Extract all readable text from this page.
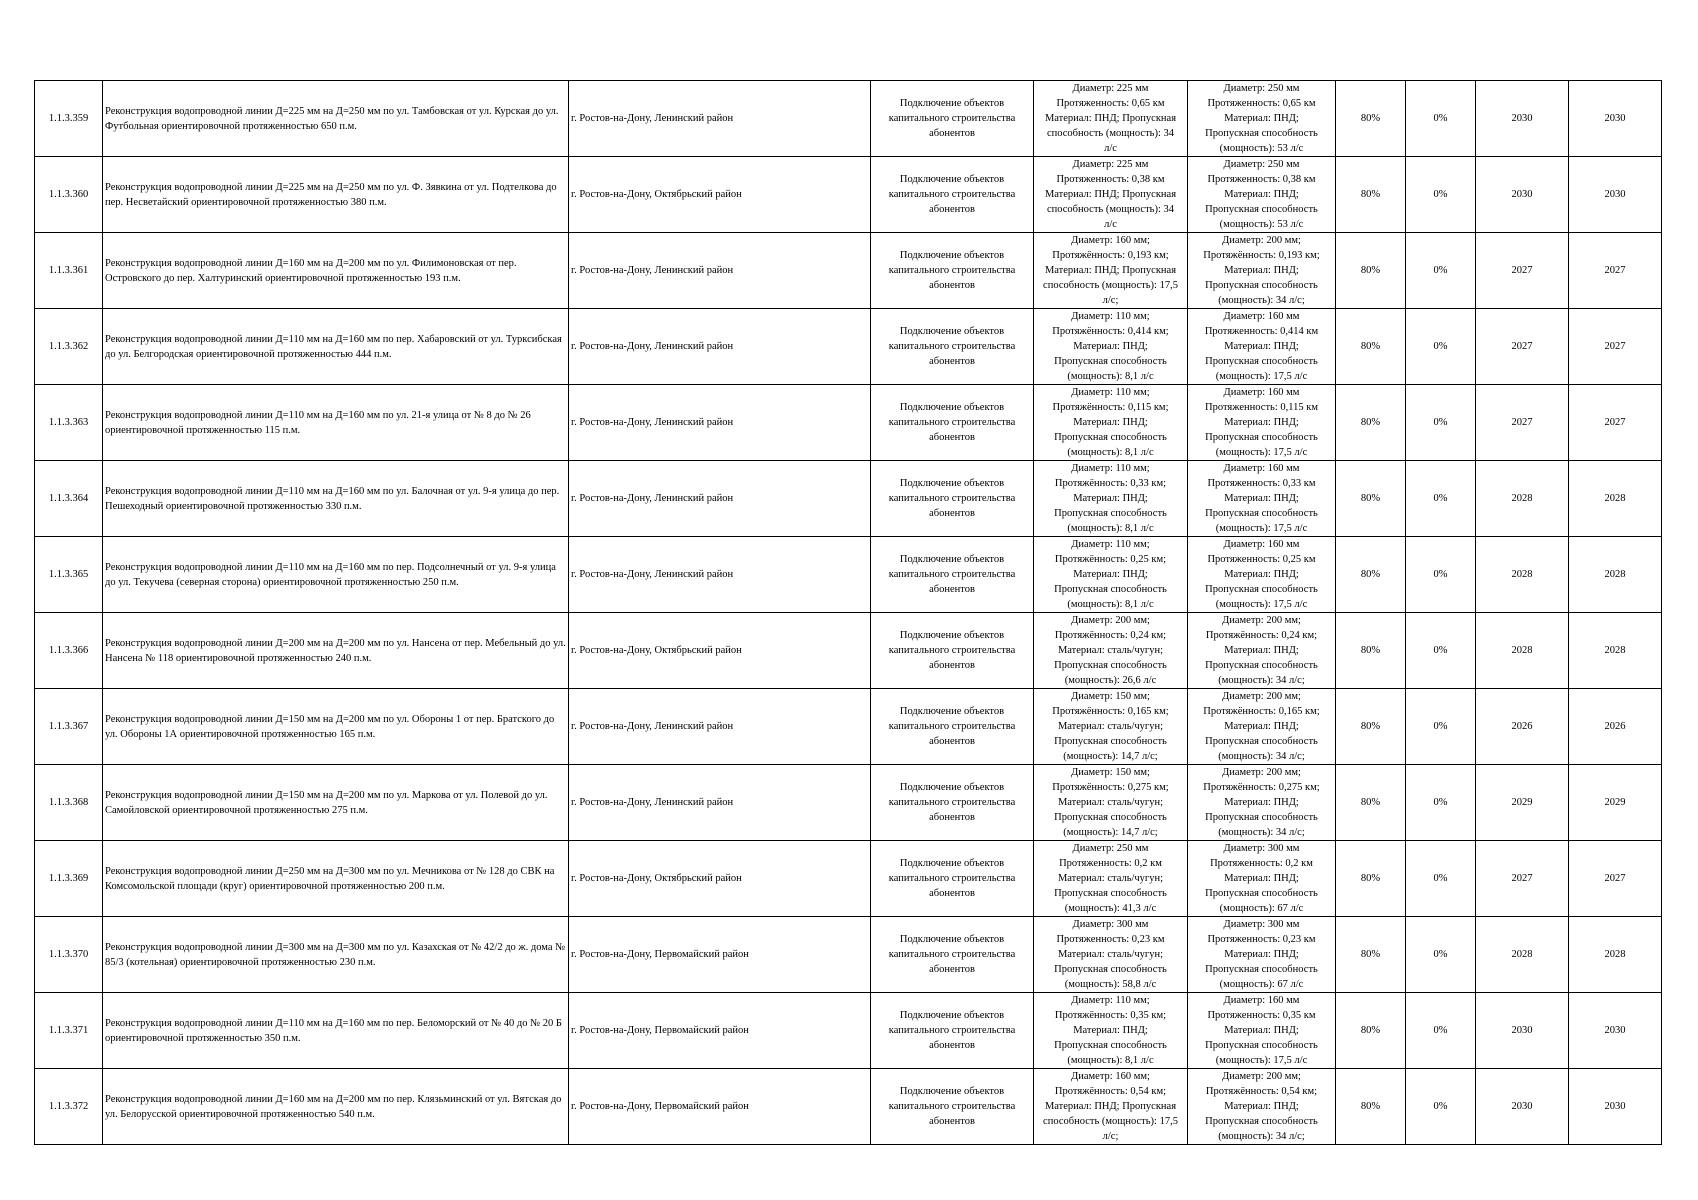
1.1.3.359	Реконструкция водопроводной линии Д=225 мм на Д=250 мм по ул. Тамбовская от ул. Курская до ул. Футбольная ориентировочной протяженностью 650 п.м.	г. Ростов-на-Дону, Ленинский район	Подключение объектов капитального строительства абонентов	Диаметр: 225 мм
Протяженность: 0,65 км
Материал: ПНД; Пропускная
способность (мощность): 34
л/с	Диаметр: 250 мм
Протяженность: 0,65 км
Материал: ПНД;
Пропускная способность
(мощность): 53 л/с	80%	0%	2030	2030
1.1.3.360	Реконструкция водопроводной линии Д=225 мм на Д=250 мм по ул. Ф. Зявкина от ул. Подтелкова до пер. Несветайский ориентировочной протяженностью 380 п.м.	г. Ростов-на-Дону, Октябрьский район	Подключение объектов капитального строительства абонентов	Диаметр: 225 мм
Протяженность: 0,38 км
Материал: ПНД; Пропускная
способность (мощность): 34
л/с	Диаметр: 250 мм
Протяженность: 0,38 км
Материал: ПНД;
Пропускная способность
(мощность): 53 л/с	80%	0%	2030	2030
1.1.3.361	Реконструкция водопроводной линии Д=160 мм на Д=200 мм по ул. Филимоновская от пер. Островского до пер. Халтуринский ориентировочной протяженностью 193 п.м.	г. Ростов-на-Дону, Ленинский район	Подключение объектов капитального строительства абонентов	Диаметр: 160 мм;
Протяжённость: 0,193 км;
Материал: ПНД; Пропускная
способность (мощность): 17,5
л/с;	Диаметр: 200 мм;
Протяжённость: 0,193 км;
Материал: ПНД;
Пропускная способность
(мощность): 34 л/с;	80%	0%	2027	2027
1.1.3.362	Реконструкция водопроводной линии Д=110 мм на Д=160 мм по пер. Хабаровский от ул. Турксибская до ул. Белгородская ориентировочной протяженностью 444 п.м.	г. Ростов-на-Дону, Ленинский район	Подключение объектов капитального строительства абонентов	Диаметр: 110 мм;
Протяжённость: 0,414 км;
Материал: ПНД;
Пропускная способность
(мощность): 8,1 л/с	Диаметр: 160 мм
Протяженность: 0,414 км
Материал: ПНД;
Пропускная способность
(мощность): 17,5 л/с	80%	0%	2027	2027
1.1.3.363	Реконструкция водопроводной линии Д=110 мм на Д=160 мм по ул. 21-я улица от № 8 до № 26 ориентировочной протяженностью 115 п.м.	г. Ростов-на-Дону, Ленинский район	Подключение объектов капитального строительства абонентов	Диаметр: 110 мм;
Протяжённость: 0,115 км;
Материал: ПНД;
Пропускная способность
(мощность): 8,1 л/с	Диаметр: 160 мм
Протяженность: 0,115 км
Материал: ПНД;
Пропускная способность
(мощность): 17,5 л/с	80%	0%	2027	2027
1.1.3.364	Реконструкция водопроводной линии Д=110 мм на Д=160 мм по ул. Балочная от ул. 9-я улица до пер. Пешеходный ориентировочной протяженностью 330 п.м.	г. Ростов-на-Дону, Ленинский район	Подключение объектов капитального строительства абонентов	Диаметр: 110 мм;
Протяжённость: 0,33 км;
Материал: ПНД;
Пропускная способность
(мощность): 8,1 л/с	Диаметр: 160 мм
Протяженность: 0,33 км
Материал: ПНД;
Пропускная способность
(мощность): 17,5 л/с	80%	0%	2028	2028
1.1.3.365	Реконструкция водопроводной линии Д=110 мм на Д=160 мм по пер. Подсолнечный от ул. 9-я улица до ул. Текучева (северная сторона) ориентировочной протяженностью 250 п.м.	г. Ростов-на-Дону, Ленинский район	Подключение объектов капитального строительства абонентов	Диаметр: 110 мм;
Протяжённость: 0,25 км;
Материал: ПНД;
Пропускная способность
(мощность): 8,1 л/с	Диаметр: 160 мм
Протяженность: 0,25 км
Материал: ПНД;
Пропускная способность
(мощность): 17,5 л/с	80%	0%	2028	2028
1.1.3.366	Реконструкция водопроводной линии Д=200 мм на Д=200 мм по ул. Нансена от пер. Мебельный до ул. Нансена № 118 ориентировочной протяженностью 240 п.м.	г. Ростов-на-Дону, Октябрьский район	Подключение объектов капитального строительства абонентов	Диаметр: 200 мм;
Протяжённость: 0,24 км;
Материал: сталь/чугун;
Пропускная способность
(мощность): 26,6 л/с	Диаметр: 200 мм;
Протяжённость: 0,24 км;
Материал: ПНД;
Пропускная способность
(мощность): 34 л/с;	80%	0%	2028	2028
1.1.3.367	Реконструкция водопроводной линии Д=150 мм на Д=200 мм по ул. Обороны 1 от пер. Братского до ул. Обороны 1А ориентировочной протяженностью 165 п.м.	г. Ростов-на-Дону, Ленинский район	Подключение объектов капитального строительства абонентов	Диаметр: 150 мм;
Протяжённость: 0,165 км;
Материал: сталь/чугун;
Пропускная способность
(мощность): 14,7 л/с;	Диаметр: 200 мм;
Протяжённость: 0,165 км;
Материал: ПНД;
Пропускная способность
(мощность): 34 л/с;	80%	0%	2026	2026
1.1.3.368	Реконструкция водопроводной линии Д=150 мм на Д=200 мм по ул. Маркова от ул. Полевой до ул. Самойловской ориентировочной протяженностью 275 п.м.	г. Ростов-на-Дону, Ленинский район	Подключение объектов капитального строительства абонентов	Диаметр: 150 мм;
Протяжённость: 0,275 км;
Материал: сталь/чугун;
Пропускная способность
(мощность): 14,7 л/с;	Диаметр: 200 мм;
Протяжённость: 0,275 км;
Материал: ПНД;
Пропускная способность
(мощность): 34 л/с;	80%	0%	2029	2029
1.1.3.369	Реконструкция водопроводной линии Д=250 мм на Д=300 мм по ул. Мечникова от № 128 до СВК на Комсомольской площади (круг) ориентировочной протяженностью 200 п.м.	г. Ростов-на-Дону, Октябрьский район	Подключение объектов капитального строительства абонентов	Диаметр: 250 мм
Протяженность: 0,2 км
Материал: сталь/чугун;
Пропускная способность
(мощность): 41,3 л/с	Диаметр: 300 мм
Протяженность: 0,2 км
Материал: ПНД;
Пропускная способность
(мощность): 67 л/с	80%	0%	2027	2027
1.1.3.370	Реконструкция водопроводной линии Д=300 мм на Д=300 мм по ул. Казахская от № 42/2 до ж. дома № 85/3 (котельная) ориентировочной протяженностью 230 п.м.	г. Ростов-на-Дону, Первомайский район	Подключение объектов капитального строительства абонентов	Диаметр: 300 мм
Протяженность: 0,23 км
Материал: сталь/чугун;
Пропускная способность
(мощность): 58,8 л/с	Диаметр: 300 мм
Протяженность: 0,23 км
Материал: ПНД;
Пропускная способность
(мощность): 67 л/с	80%	0%	2028	2028
1.1.3.371	Реконструкция водопроводной линии Д=110 мм на Д=160 мм по пер. Беломорский от № 40 до № 20 Б ориентировочной протяженностью 350 п.м.	г. Ростов-на-Дону, Первомайский район	Подключение объектов капитального строительства абонентов	Диаметр: 110 мм;
Протяжённость: 0,35 км;
Материал: ПНД;
Пропускная способность
(мощность): 8,1 л/с	Диаметр: 160 мм
Протяженность: 0,35 км
Материал: ПНД;
Пропускная способность
(мощность): 17,5 л/с	80%	0%	2030	2030
1.1.3.372	Реконструкция водопроводной линии Д=160 мм на Д=200 мм по пер. Клязьминский от ул. Вятская до ул. Белорусской ориентировочной протяженностью 540 п.м.	г. Ростов-на-Дону, Первомайский район	Подключение объектов капитального строительства абонентов	Диаметр: 160 мм;
Протяжённость: 0,54 км;
Материал: ПНД; Пропускная
способность (мощность): 17,5
л/с;	Диаметр: 200 мм;
Протяжённость: 0,54 км;
Материал: ПНД;
Пропускная способность
(мощность): 34 л/с;	80%	0%	2030	2030
